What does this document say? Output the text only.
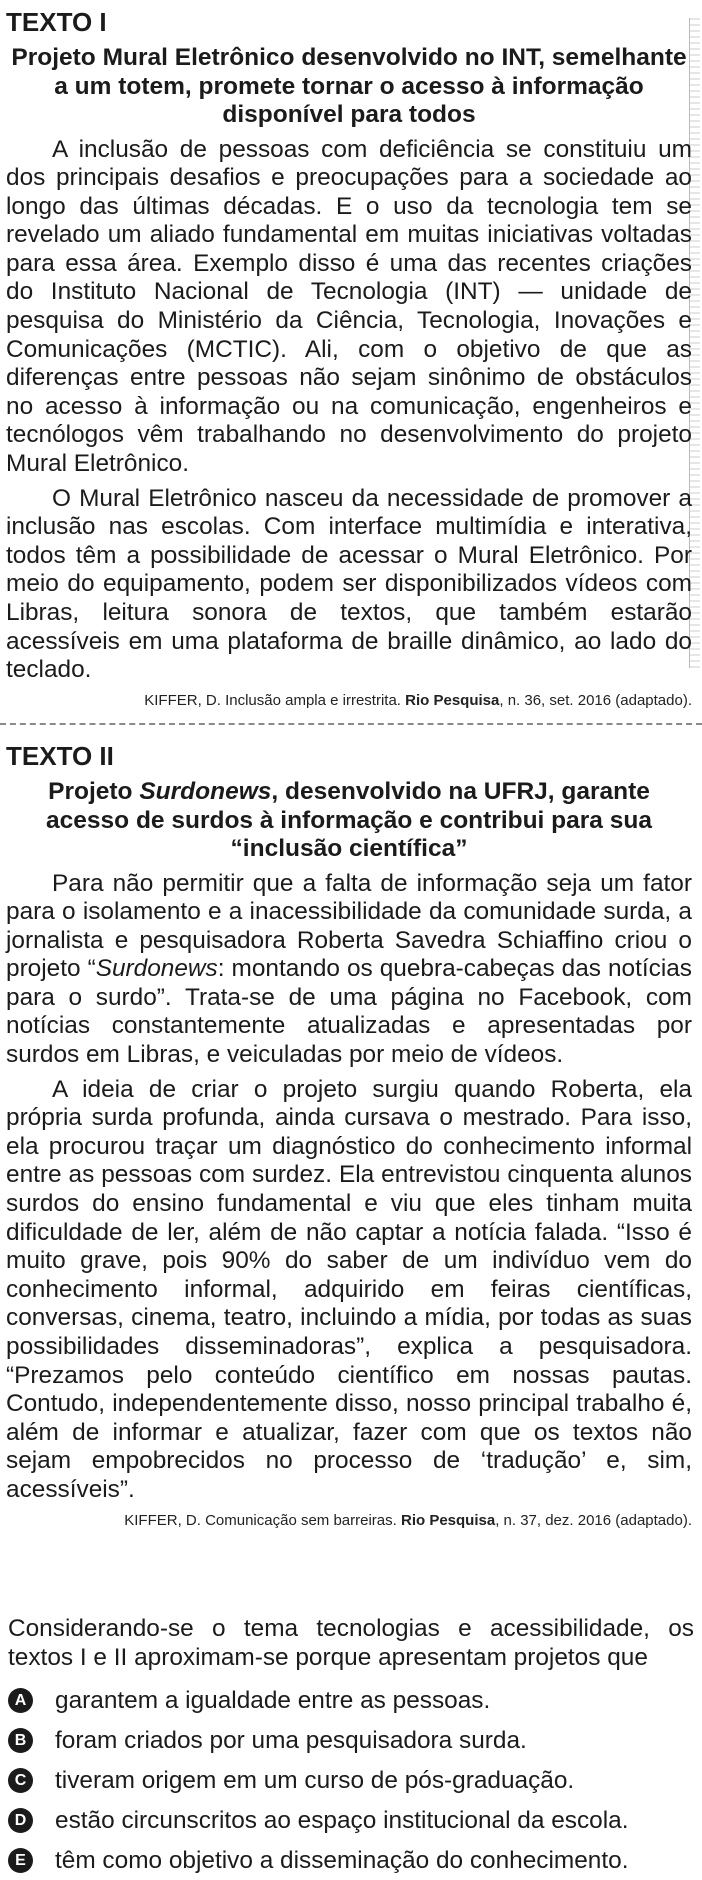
TEXTO I
Projeto Mural Eletrônico desenvolvido no INT, semelhante a um totem, promete tornar o acesso à informação disponível para todos

A inclusão de pessoas com deficiência se constituiu um dos principais desafios e preocupações para a sociedade ao longo das últimas décadas. E o uso da tecnologia tem se revelado um aliado fundamental em muitas iniciativas voltadas para essa área. Exemplo disso é uma das recentes criações do Instituto Nacional de Tecnologia (INT) — unidade de pesquisa do Ministério da Ciência, Tecnologia, Inovações e Comunicações (MCTIC). Ali, com o objetivo de que as diferenças entre pessoas não sejam sinônimo de obstáculos no acesso à informação ou na comunicação, engenheiros e tecnólogos vêm trabalhando no desenvolvimento do projeto Mural Eletrônico.

O Mural Eletrônico nasceu da necessidade de promover a inclusão nas escolas. Com interface multimídia e interativa, todos têm a possibilidade de acessar o Mural Eletrônico. Por meio do equipamento, podem ser disponibilizados vídeos com Libras, leitura sonora de textos, que também estarão acessíveis em uma plataforma de braille dinâmico, ao lado do teclado.

KIFFER, D. Inclusão ampla e irrestrita. Rio Pesquisa, n. 36, set. 2016 (adaptado).
TEXTO II
Projeto Surdonews, desenvolvido na UFRJ, garante acesso de surdos à informação e contribui para sua “inclusão científica”

Para não permitir que a falta de informação seja um fator para o isolamento e a inacessibilidade da comunidade surda, a jornalista e pesquisadora Roberta Savedra Schiaffino criou o projeto “Surdonews: montando os quebra-cabeças das notícias para o surdo”. Trata-se de uma página no Facebook, com notícias constantemente atualizadas e apresentadas por surdos em Libras, e veiculadas por meio de vídeos.

A ideia de criar o projeto surgiu quando Roberta, ela própria surda profunda, ainda cursava o mestrado. Para isso, ela procurou traçar um diagnóstico do conhecimento informal entre as pessoas com surdez. Ela entrevistou cinquenta alunos surdos do ensino fundamental e viu que eles tinham muita dificuldade de ler, além de não captar a notícia falada. “Isso é muito grave, pois 90% do saber de um indivíduo vem do conhecimento informal, adquirido em feiras científicas, conversas, cinema, teatro, incluindo a mídia, por todas as suas possibilidades disseminadoras”, explica a pesquisadora. “Prezamos pelo conteúdo científico em nossas pautas. Contudo, independentemente disso, nosso principal trabalho é, além de informar e atualizar, fazer com que os textos não sejam empobrecidos no processo de ‘tradução’ e, sim, acessíveis”.

KIFFER, D. Comunicação sem barreiras. Rio Pesquisa, n. 37, dez. 2016 (adaptado).
Considerando-se o tema tecnologias e acessibilidade, os textos I e II aproximam-se porque apresentam projetos que
A garantem a igualdade entre as pessoas.
B foram criados por uma pesquisadora surda.
C tiveram origem em um curso de pós-graduação.
D estão circunscritos ao espaço institucional da escola.
E têm como objetivo a disseminação do conhecimento.
